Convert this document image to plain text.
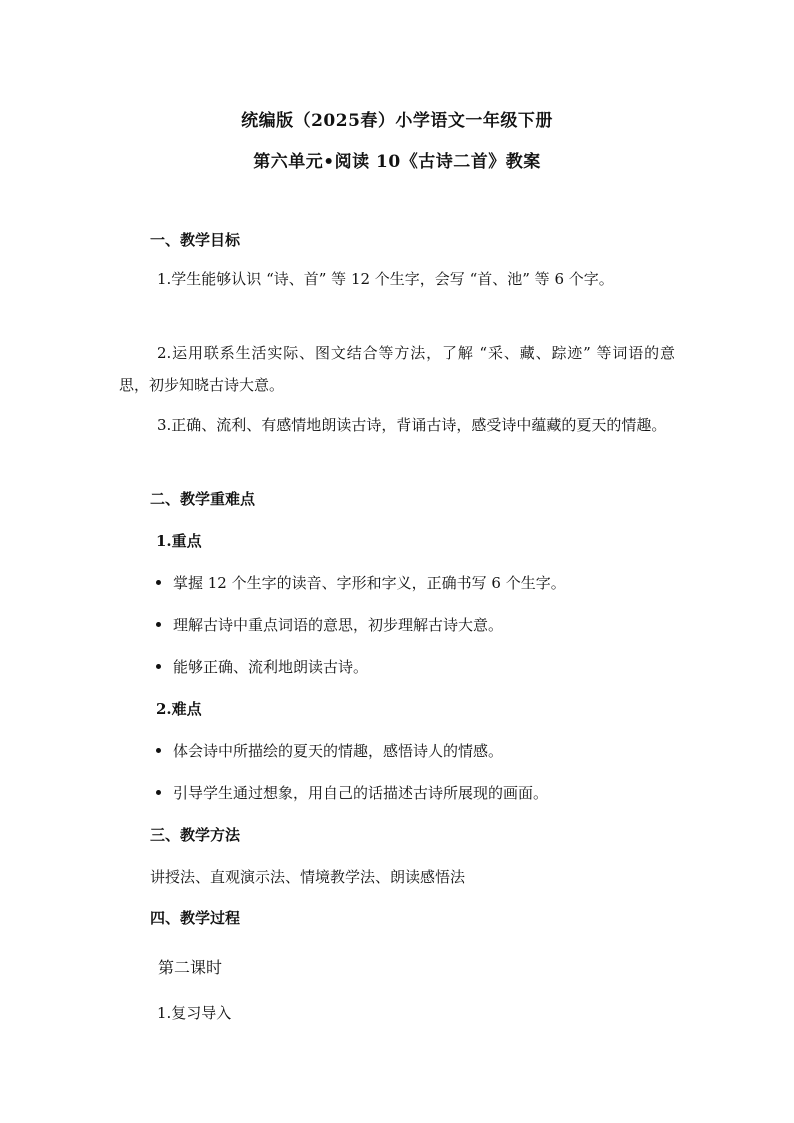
统编版（2025春）小学语文一年级下册
第六单元•阅读 10《古诗二首》教案
一、教学目标
1.学生能够认识 “诗、首” 等 12 个生字，会写 “首、池” 等 6 个字。
2.运用联系生活实际、图文结合等方法，了解 “采、藏、踪迹” 等词语的意思，初步知晓古诗大意。
3.正确、流利、有感情地朗读古诗，背诵古诗，感受诗中蕴藏的夏天的情趣。
二、教学重难点
1.重点
掌握 12 个生字的读音、字形和字义，正确书写 6 个生字。
理解古诗中重点词语的意思，初步理解古诗大意。
能够正确、流利地朗读古诗。
2.难点
体会诗中所描绘的夏天的情趣，感悟诗人的情感。
引导学生通过想象，用自己的话描述古诗所展现的画面。
三、教学方法
讲授法、直观演示法、情境教学法、朗读感悟法
四、教学过程
第二课时
1.复习导入
